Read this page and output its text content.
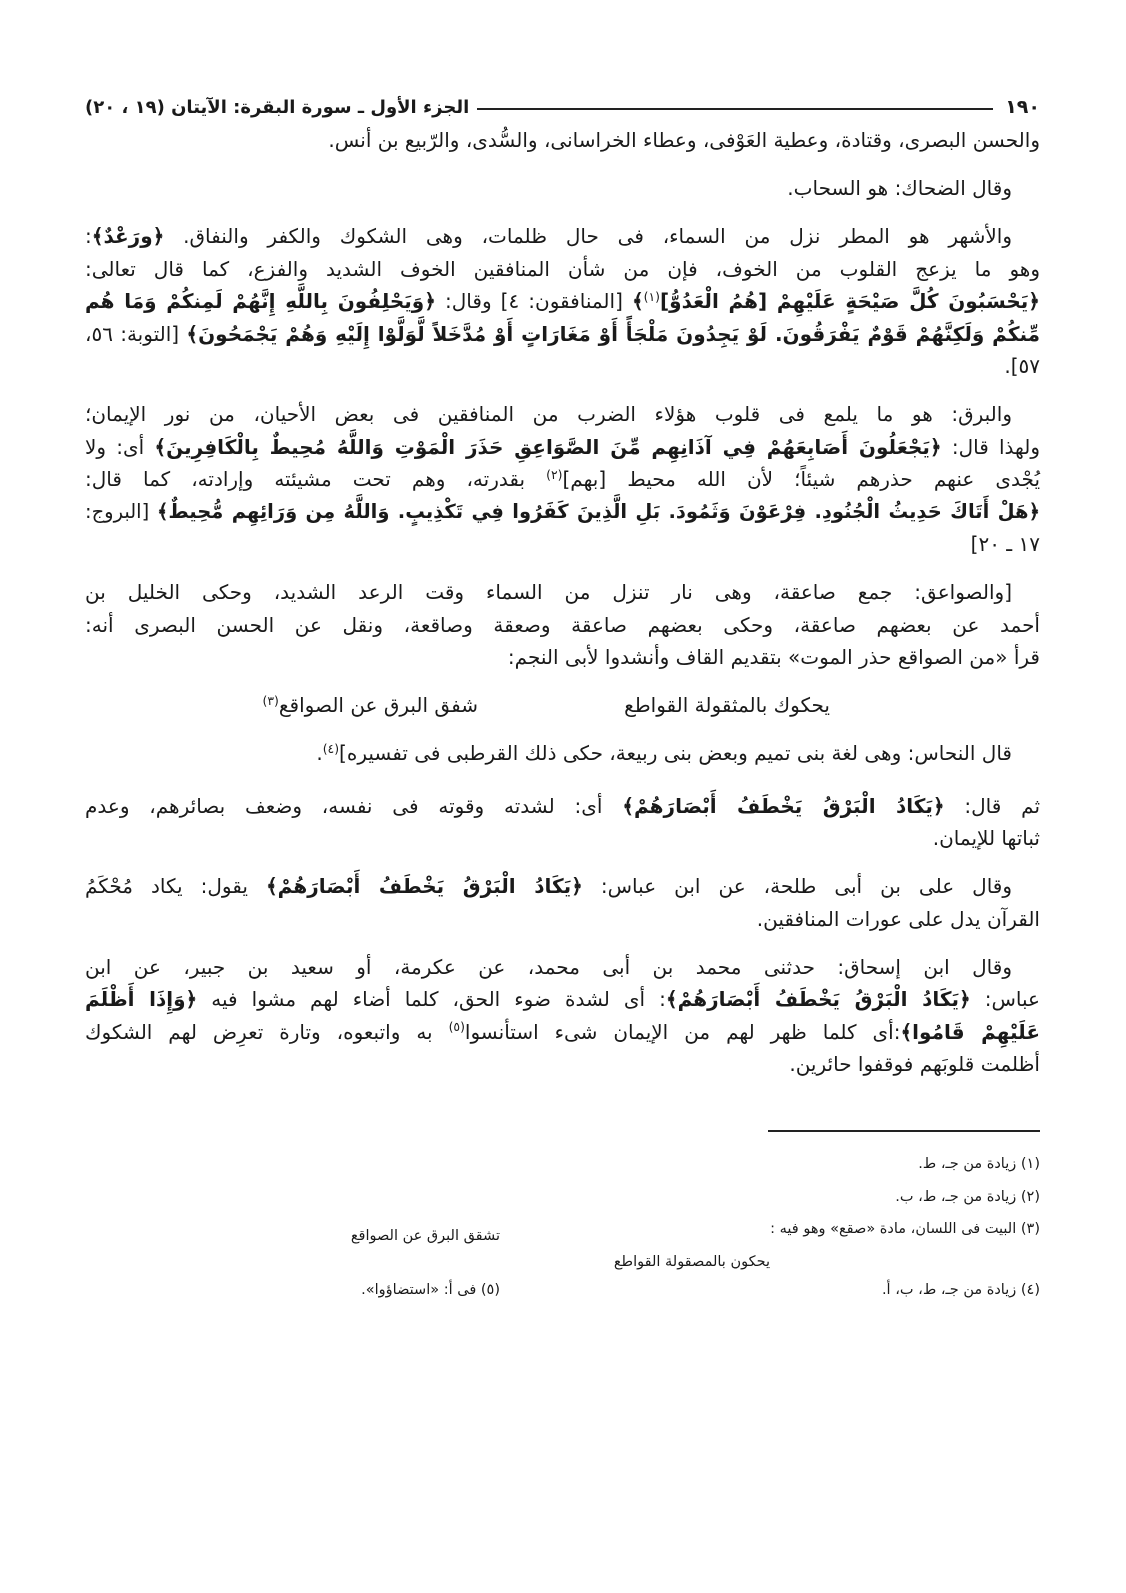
١٩٠
الجزء الأول ـ سورة البقرة: الآيتان (١٩ ، ٢٠)
والحسن البصرى، وقتادة، وعطية العَوْفى، وعطاء الخراسانى، والسُّدى، والرّبيع بن أنس.
وقال الضحاك: هو السحاب.
والأشهر هو المطر نزل من السماء، فى حال ظلمات، وهى الشكوك والكفر والنفاق. ﴿ورَعْدٌ﴾:
وهو ما يزعج القلوب من الخوف، فإن من شأن المنافقين الخوف الشديد والفزع، كما قال تعالى:
﴿يَحْسَبُونَ كُلَّ صَيْحَةٍ عَلَيْهِمْ [هُمُ الْعَدُوُّ]$^{(١)}$﴾ [المنافقون: ٤] وقال: ﴿وَيَحْلِفُونَ بِاللَّهِ إِنَّهُمْ لَمِنكُمْ وَمَا هُم
مِّنكُمْ وَلَكِنَّهُمْ قَوْمٌ يَفْرَقُونَ. لَوْ يَجِدُونَ مَلْجَأً أَوْ مَغَارَاتٍ أَوْ مُدَّخَلاً لَّوَلَّوْا إِلَيْهِ وَهُمْ يَجْمَحُونَ﴾ [التوبة: ٥٦،
٥٧].
والبرق: هو ما يلمع فى قلوب هؤلاء الضرب من المنافقين فى بعض الأحيان، من نور الإيمان؛
ولهذا قال: ﴿يَجْعَلُونَ أَصَابِعَهُمْ فِي آذَانِهِم مِّنَ الصَّوَاعِقِ حَذَرَ الْمَوْتِ وَاللَّهُ مُحِيطٌ بِالْكَافِرِينَ﴾ أى: ولا
يُجْدى عنهم حذرهم شيئاً؛ لأن الله محيط [بهم]$^{(٢)}$ بقدرته، وهم تحت مشيئته وإرادته، كما قال:
﴿هَلْ أَتَاكَ حَدِيثُ الْجُنُودِ. فِرْعَوْنَ وَثَمُودَ. بَلِ الَّذِينَ كَفَرُوا فِي تَكْذِيبٍ. وَاللَّهُ مِن وَرَائِهِم مُّحِيطٌ﴾ [البروج:
١٧ ـ ٢٠]
[والصواعق: جمع صاعقة، وهى نار تنزل من السماء وقت الرعد الشديد، وحكى الخليل بن
أحمد عن بعضهم صاعقة، وحكى بعضهم صاعقة وصعقة وصاقعة، ونقل عن الحسن البصرى أنه:
قرأ «من الصواقع حذر الموت» بتقديم القاف وأنشدوا لأبى النجم:
يحكوك بالمثقولة القواطع
شفق البرق عن الصواقع$^{(٣)}$
قال النحاس: وهى لغة بنى تميم وبعض بنى ربيعة، حكى ذلك القرطبى فى تفسيره]$^{(٤)}$.
ثم قال: ﴿يَكَادُ الْبَرْقُ يَخْطَفُ أَبْصَارَهُمْ﴾ أى: لشدته وقوته فى نفسه، وضعف بصائرهم، وعدم
ثباتها للإيمان.
وقال على بن أبى طلحة، عن ابن عباس: ﴿يَكَادُ الْبَرْقُ يَخْطَفُ أَبْصَارَهُمْ﴾ يقول: يكاد مُحْكَمُ
القرآن يدل على عورات المنافقين.
وقال ابن إسحاق: حدثنى محمد بن أبى محمد، عن عكرمة، أو سعيد بن جبير، عن ابن
عباس: ﴿يَكَادُ الْبَرْقُ يَخْطَفُ أَبْصَارَهُمْ﴾: أى لشدة ضوء الحق، كلما أضاء لهم مشوا فيه ﴿وَإِذَا أَظْلَمَ
عَلَيْهِمْ قَامُوا﴾:أى كلما ظهر لهم من الإيمان شىء استأنسوا$^{(٥)}$ به واتبعوه، وتارة تعرِض لهم الشكوك
أظلمت قلوبَهم فوقفوا حائرين.
(١) زيادة من جـ، ط.
(٢) زيادة من جـ، ط، ب.
(٣) البيت فى اللسان، مادة «صقع» وهو فيه :
يحكون بالمصقولة القواطع
تشقق البرق عن الصواقع
(٤) زيادة من جـ، ط، ب، أ.
(٥) فى أ: «استضاؤوا».
